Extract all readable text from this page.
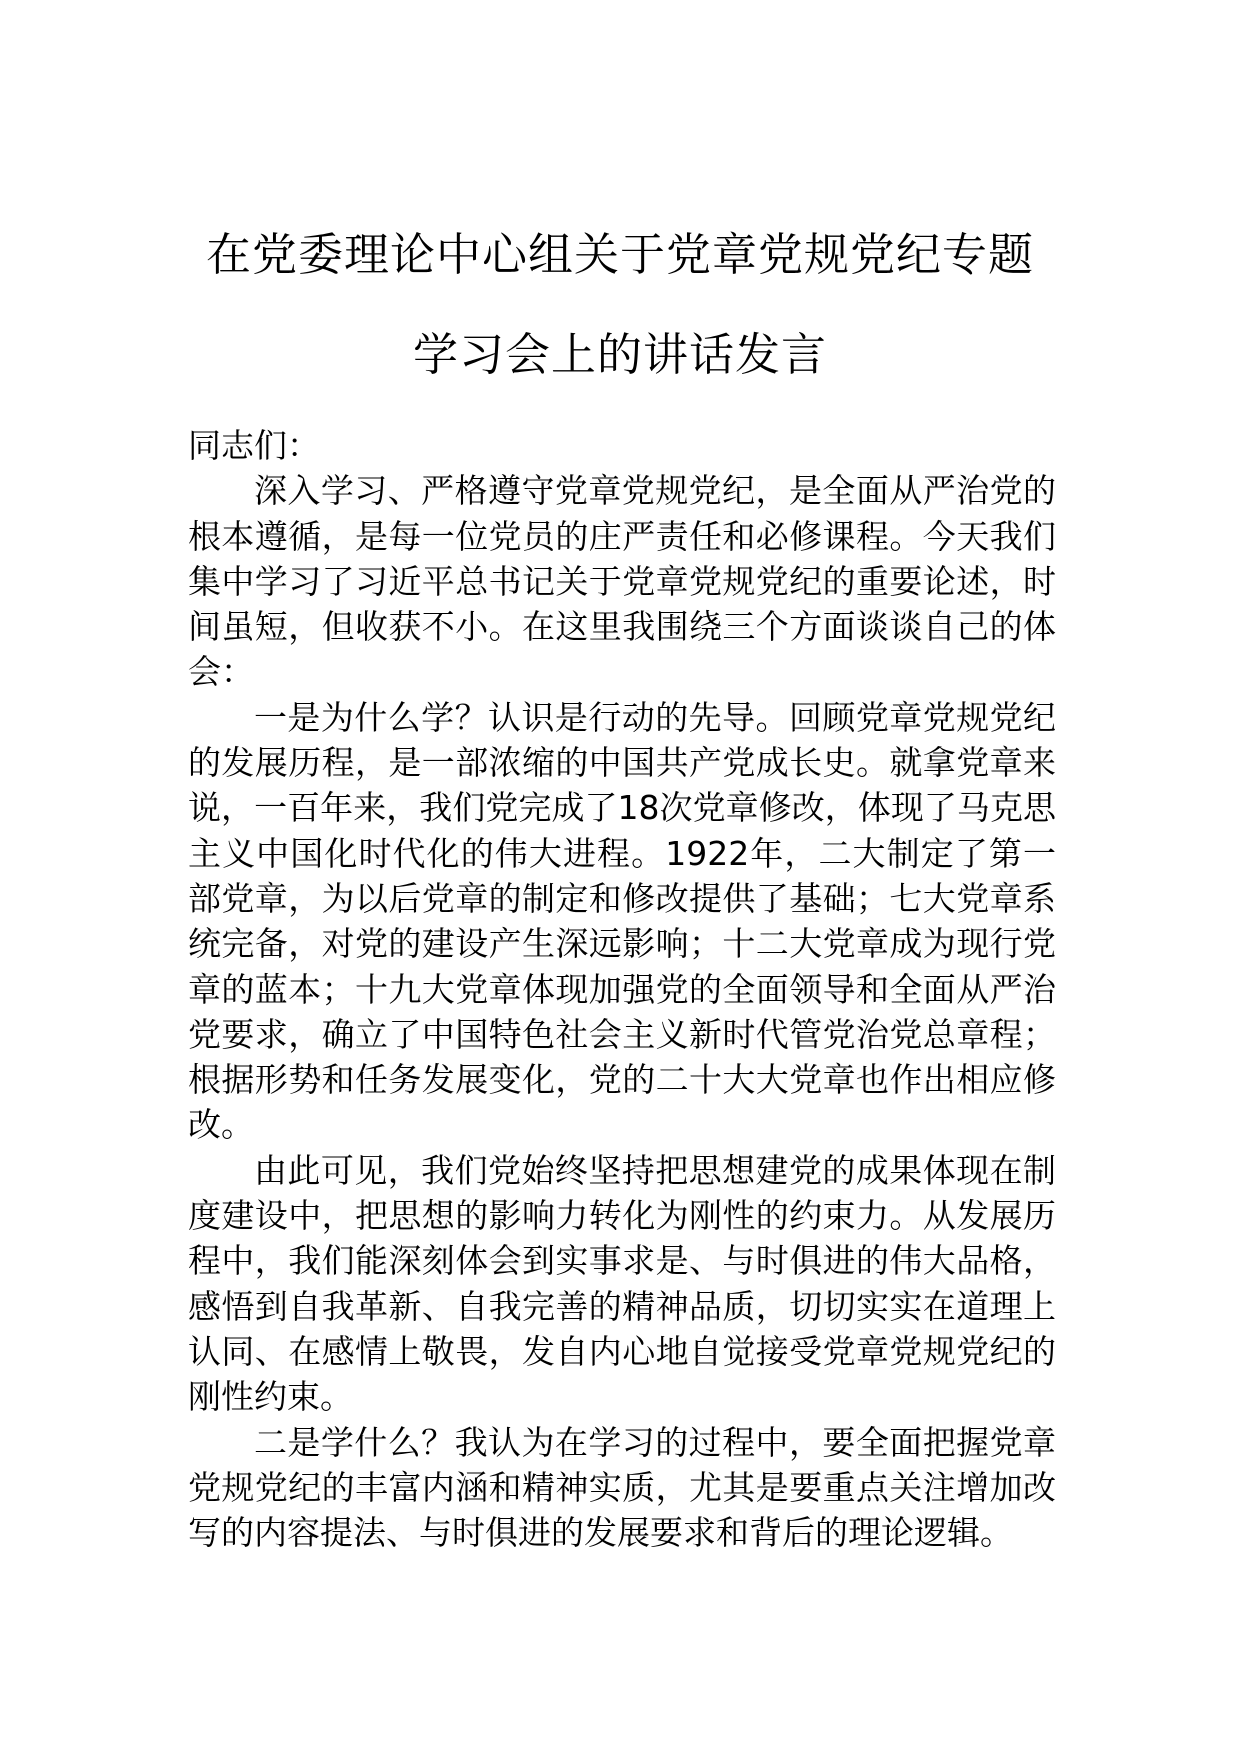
在党委理论中心组关于党章党规党纪专题
学习会上的讲话发言

同志们：

深入学习、严格遵守党章党规党纪，是全面从严治党的根本遵循，是每一位党员的庄严责任和必修课程。今天我们集中学习了习近平总书记关于党章党规党纪的重要论述，时间虽短，但收获不小。在这里我围绕三个方面谈谈自己的体会：

一是为什么学？认识是行动的先导。回顾党章党规党纪的发展历程，是一部浓缩的中国共产党成长史。就拿党章来说，一百年来，我们党完成了18次党章修改，体现了马克思主义中国化时代化的伟大进程。1922年，二大制定了第一部党章，为以后党章的制定和修改提供了基础；七大党章系统完备，对党的建设产生深远影响；十二大党章成为现行党章的蓝本；十九大党章体现加强党的全面领导和全面从严治党要求，确立了中国特色社会主义新时代管党治党总章程；根据形势和任务发展变化，党的二十大大党章也作出相应修改。

由此可见，我们党始终坚持把思想建党的成果体现在制度建设中，把思想的影响力转化为刚性的约束力。从发展历程中，我们能深刻体会到实事求是、与时俱进的伟大品格，感悟到自我革新、自我完善的精神品质，切切实实在道理上认同、在感情上敬畏，发自内心地自觉接受党章党规党纪的刚性约束。

二是学什么？我认为在学习的过程中，要全面把握党章党规党纪的丰富内涵和精神实质，尤其是要重点关注增加改写的内容提法、与时俱进的发展要求和背后的理论逻辑。
